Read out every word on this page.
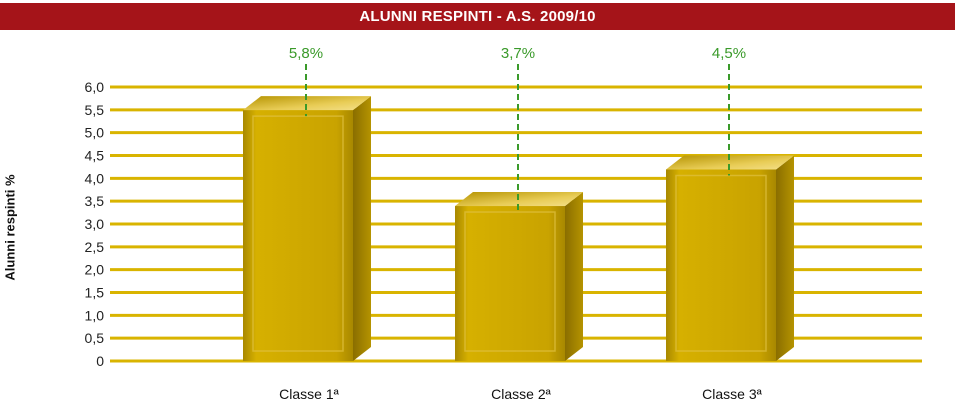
ALUNNI RESPINTI - A.S. 2009/10
Alunni respinti %
0
0,5
1,0
1,5
2,0
2,5
3,0
3,5
4,0
4,5
5,0
5,5
6,0
5,8%
Classe 1ª
3,7%
Classe 2ª
4,5%
Classe 3ª
